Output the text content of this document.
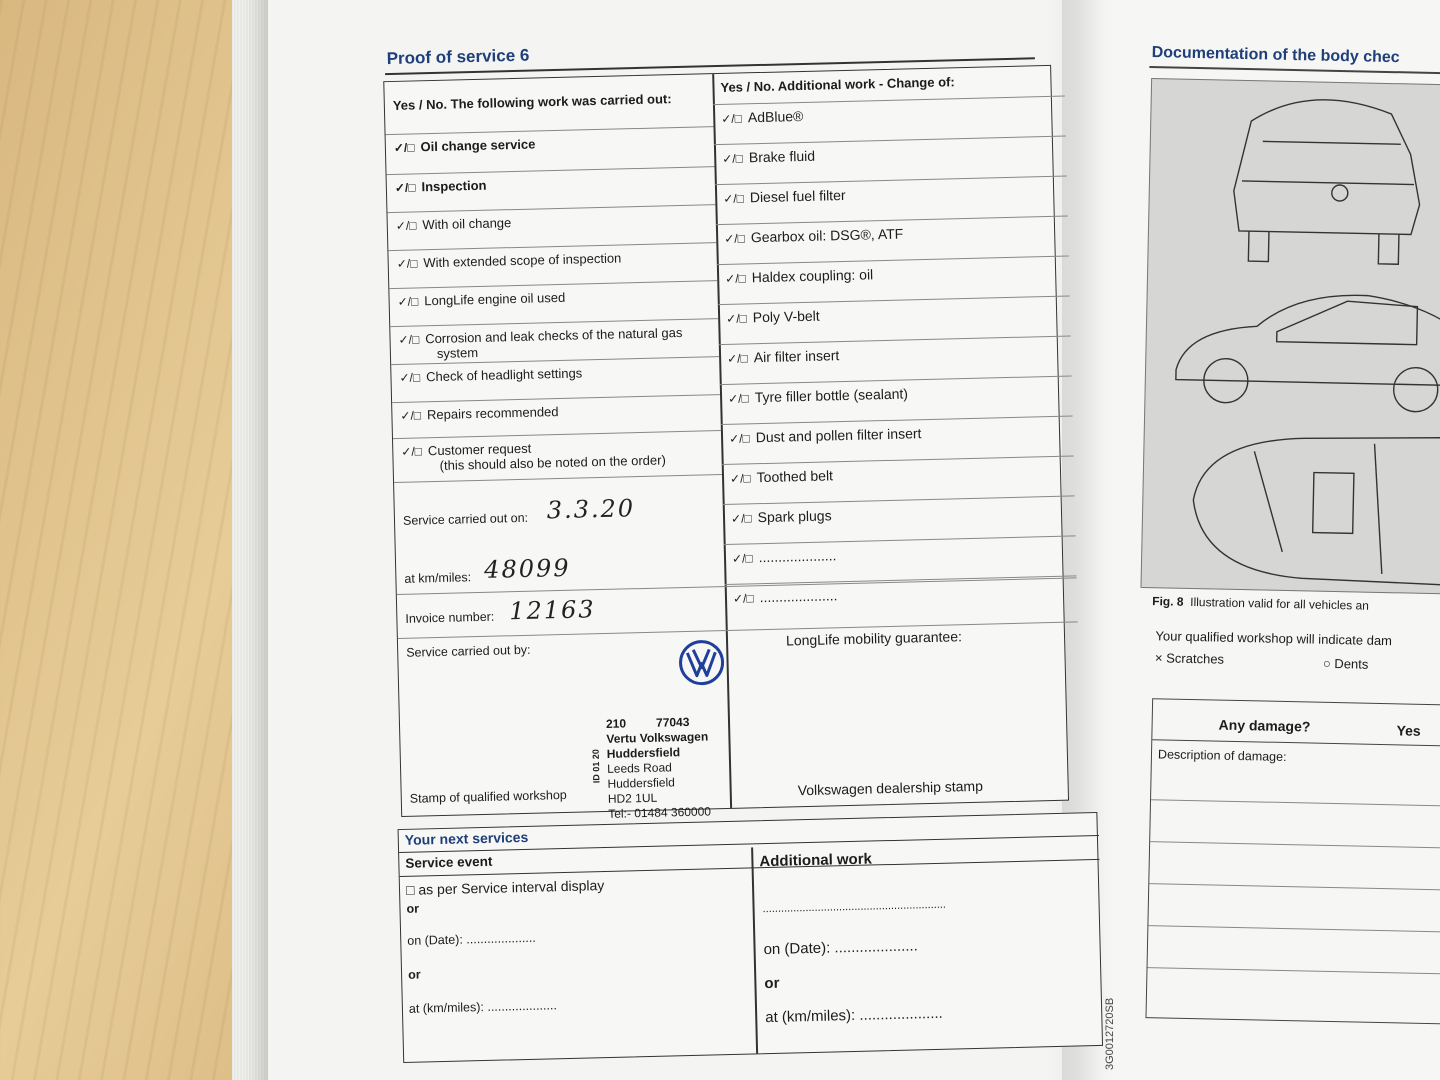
Proof of service 6
Yes / No. The following work was carried out:
Yes / No. Additional work - Change of:
✓/□ Oil change service
✓/□ Inspection
✓/□ With oil change
✓/□ With extended scope of inspection
✓/□ LongLife engine oil used
✓/□ Corrosion and leak checks of the natural gas
system
✓/□ Check of headlight settings
✓/□ Repairs recommended
✓/□ Customer request
(this should also be noted on the order)
✓/□ AdBlue®
✓/□ Brake fluid
✓/□ Diesel fuel filter
✓/□ Gearbox oil: DSG®, ATF
✓/□ Haldex coupling: oil
✓/□ Poly V-belt
✓/□ Air filter insert
✓/□ Tyre filler bottle (sealant)
✓/□ Dust and pollen filter insert
✓/□ Toothed belt
✓/□ Spark plugs
✓/□ ....................
✓/□ ....................
Service carried out on: 3.3.20
at km/miles: 48099
Invoice number: 12163
Service carried out by:
LongLife mobility guarantee:
210 77043
Vertu Volkswagen
Huddersfield
Leeds Road
Huddersfield
HD2 1UL
Tel:- 01484 360000
ID 01 20
Stamp of qualified workshop	Volkswagen dealership stamp
Your next services
Service event	Additional work
□ as per Service interval display
or
on (Date): ....................
or
at (km/miles): ....................
............................................................
on (Date): ....................
or
at (km/miles): ....................
Documentation of the body chec
Fig. 8 Illustration valid for all vehicles an
Your qualified workshop will indicate dam
× Scratches	○ Dents
Any damage?	Yes
Description of damage:
3G0012720SB
